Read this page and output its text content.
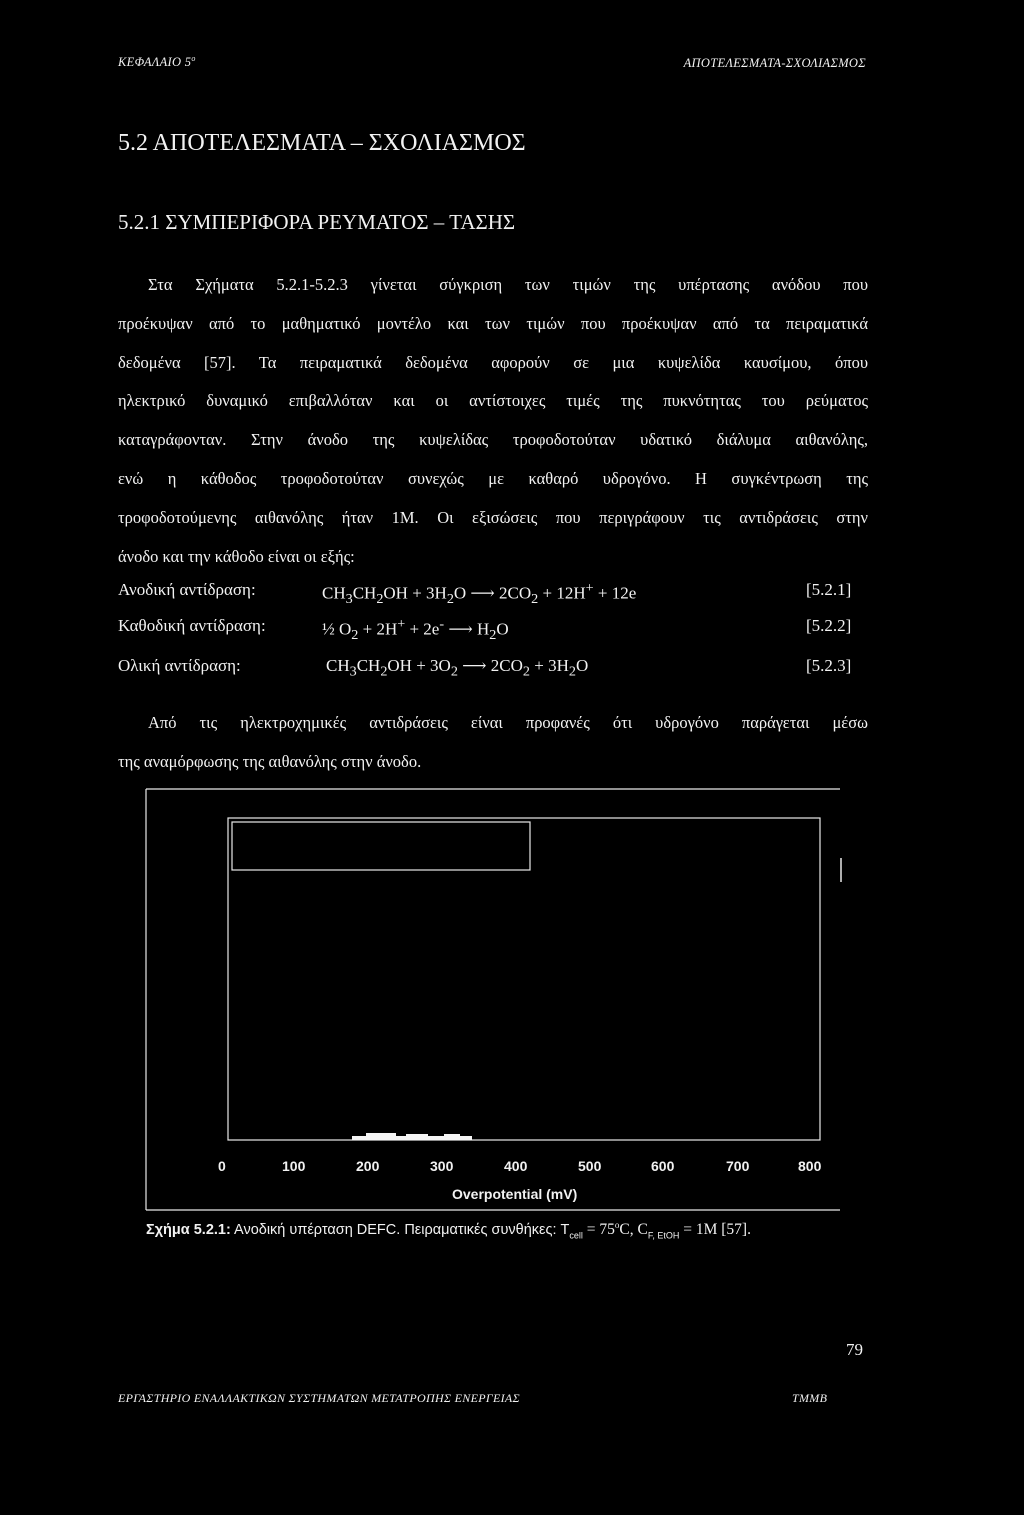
ΚΕΦΑΛΑΙΟ $5^o$	ΑΠΟΤΕΛΕΣΜΑΤΑ-ΣΧΟΛΙΑΣΜΟΣ
5.2 ΑΠΟΤΕΛΕΣΜΑΤΑ – ΣΧΟΛΙΑΣΜΟΣ
5.2.1 ΣΥΜΠΕΡΙΦΟΡΑ ΡΕΥΜΑΤΟΣ – ΤΑΣΗΣ
Στα Σχήματα 5.2.1-5.2.3 γίνεται σύγκριση των τιμών της υπέρτασης ανόδου που
προέκυψαν από το μαθηματικό μοντέλο και των τιμών που προέκυψαν από τα πειραματικά
δεδομένα [57]. Τα πειραματικά δεδομένα αφορούν σε μια κυψελίδα καυσίμου, όπου
ηλεκτρικό δυναμικό επιβαλλόταν και οι αντίστοιχες τιμές της πυκνότητας του ρεύματος
καταγράφονταν. Στην άνοδο της κυψελίδας τροφοδοτούταν υδατικό διάλυμα αιθανόλης,
ενώ η κάθοδος τροφοδοτούταν συνεχώς με καθαρό υδρογόνο. Η συγκέντρωση της
τροφοδοτούμενης αιθανόλης ήταν 1Μ. Οι εξισώσεις που περιγράφουν τις αντιδράσεις στην
άνοδο και την κάθοδο είναι οι εξής:
Ανοδική αντίδραση:	$CH_3CH_2OH + 3H_2O$ ⟶ $2CO_2 + 12H^+ + 12e$	[5.2.1]
Καθοδική αντίδραση:	½ $O_2 + 2H^+ + 2e^-$ ⟶ $H_2O$	[5.2.2]
Ολική αντίδραση:	$CH_3CH_2OH + 3O_2$ ⟶ $2CO_2 + 3H_2O$	[5.2.3]
Από τις ηλεκτροχημικές αντιδράσεις είναι προφανές ότι υδρογόνο παράγεται μέσω
της αναμόρφωσης της αιθανόλης στην άνοδο.
0	100	200	300	400	500	600	700	800
Overpotential (mV)
Σχήμα 5.2.1: Ανοδική υπέρταση DEFC. Πειραματικές συνθήκες: $T_{cell} = 75^oC$, $C_{F, EtOH} = 1M$ [57].
ΕΡΓΑΣΤΗΡΙΟ ΕΝΑΛΛΑΚΤΙΚΩΝ ΣΥΣΤΗΜΑΤΩΝ ΜΕΤΑΤΡΟΠΗΣ ΕΝΕΡΓΕΙΑΣ	ΤΜΜΒ
79
